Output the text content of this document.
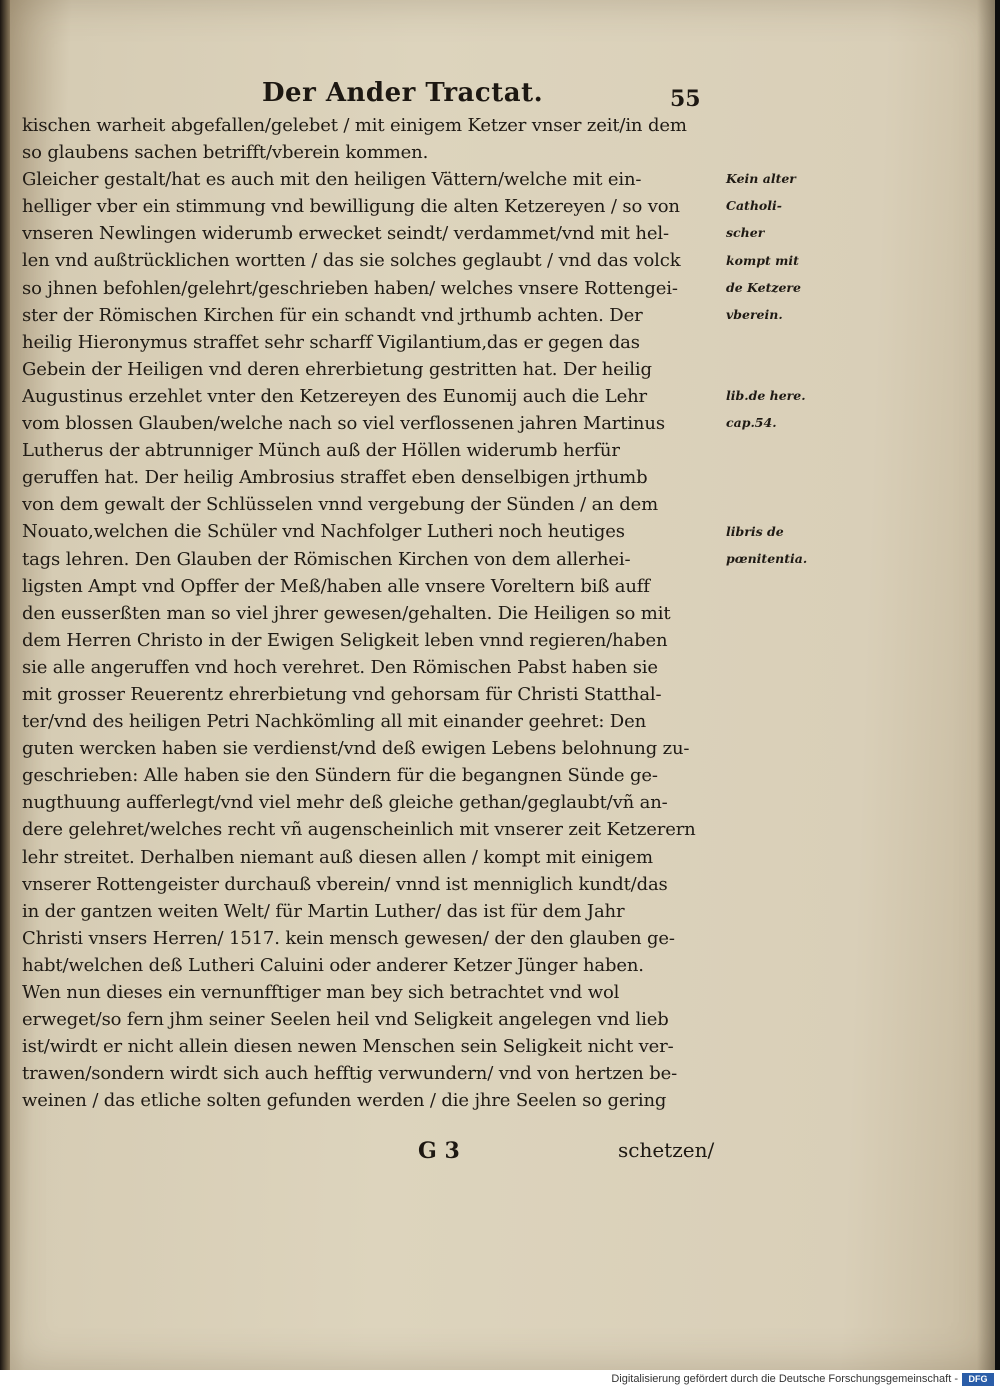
Der Ander Tractat.	55
kischen warheit abgefallen/gelebet / mit einigem Ketzer vnser zeit/in dem
so glaubens sachen betrifft/vberein kommen.
Gleicher gestalt/hat es auch mit den heiligen Vättern/welche mit ein-
helliger vber ein stimmung vnd bewilligung die alten Ketzereyen / so von
vnseren Newlingen widerumb erwecket seindt/ verdammet/vnd mit hel-
len vnd außtrücklichen wortten / das sie solches geglaubt / vnd das volck
so jhnen befohlen/gelehrt/geschrieben haben/ welches vnsere Rottengei-
ster der Römischen Kirchen für ein schandt vnd jrthumb achten. Der
heilig Hieronymus straffet sehr scharff Vigilantium,das er gegen das
Gebein der Heiligen vnd deren ehrerbietung gestritten hat. Der heilig
Augustinus erzehlet vnter den Ketzereyen des Eunomij auch die Lehr
vom blossen Glauben/welche nach so viel verflossenen jahren Martinus
Lutherus der abtrunniger Münch auß der Höllen widerumb herfür
geruffen hat. Der heilig Ambrosius straffet eben denselbigen jrthumb
von dem gewalt der Schlüsselen vnnd vergebung der Sünden / an dem
Nouato,welchen die Schüler vnd Nachfolger Lutheri noch heutiges
tags lehren. Den Glauben der Römischen Kirchen von dem allerhei-
ligsten Ampt vnd Opffer der Meß/haben alle vnsere Voreltern biß auff
den eusserßten man so viel jhrer gewesen/gehalten. Die Heiligen so mit
dem Herren Christo in der Ewigen Seligkeit leben vnnd regieren/haben
sie alle angeruffen vnd hoch verehret. Den Römischen Pabst haben sie
mit grosser Reuerentz ehrerbietung vnd gehorsam für Christi Statthal-
ter/vnd des heiligen Petri Nachkömling all mit einander geehret: Den
guten wercken haben sie verdienst/vnd deß ewigen Lebens belohnung zu-
geschrieben: Alle haben sie den Sündern für die begangnen Sünde ge-
nugthuung aufferlegt/vnd viel mehr deß gleiche gethan/geglaubt/vñ an-
dere gelehret/welches recht vñ augenscheinlich mit vnserer zeit Ketzerern
lehr streitet. Derhalben niemant auß diesen allen / kompt mit einigem
vnserer Rottengeister durchauß vberein/ vnnd ist menniglich kundt/das
in der gantzen weiten Welt/ für Martin Luther/ das ist für dem Jahr
Christi vnsers Herren/ 1517. kein mensch gewesen/ der den glauben ge-
habt/welchen deß Lutheri Caluini oder anderer Ketzer Jünger haben.
Wen nun dieses ein vernunfftiger man bey sich betrachtet vnd wol
erweget/so fern jhm seiner Seelen heil vnd Seligkeit angelegen vnd lieb
ist/wirdt er nicht allein diesen newen Menschen sein Seligkeit nicht ver-
trawen/sondern wirdt sich auch hefftig verwundern/ vnd von hertzen be-
weinen / das etliche solten gefunden werden / die jhre Seelen so gering
Kein alter
Catholi-
scher
kompt mit
de Ketzere
vberein.
lib.de here.
cap.54.
libris de
pœnitentia.
G 3	schetzen/
Digitalisierung gefördert durch die Deutsche Forschungsgemeinschaft -	DFG
